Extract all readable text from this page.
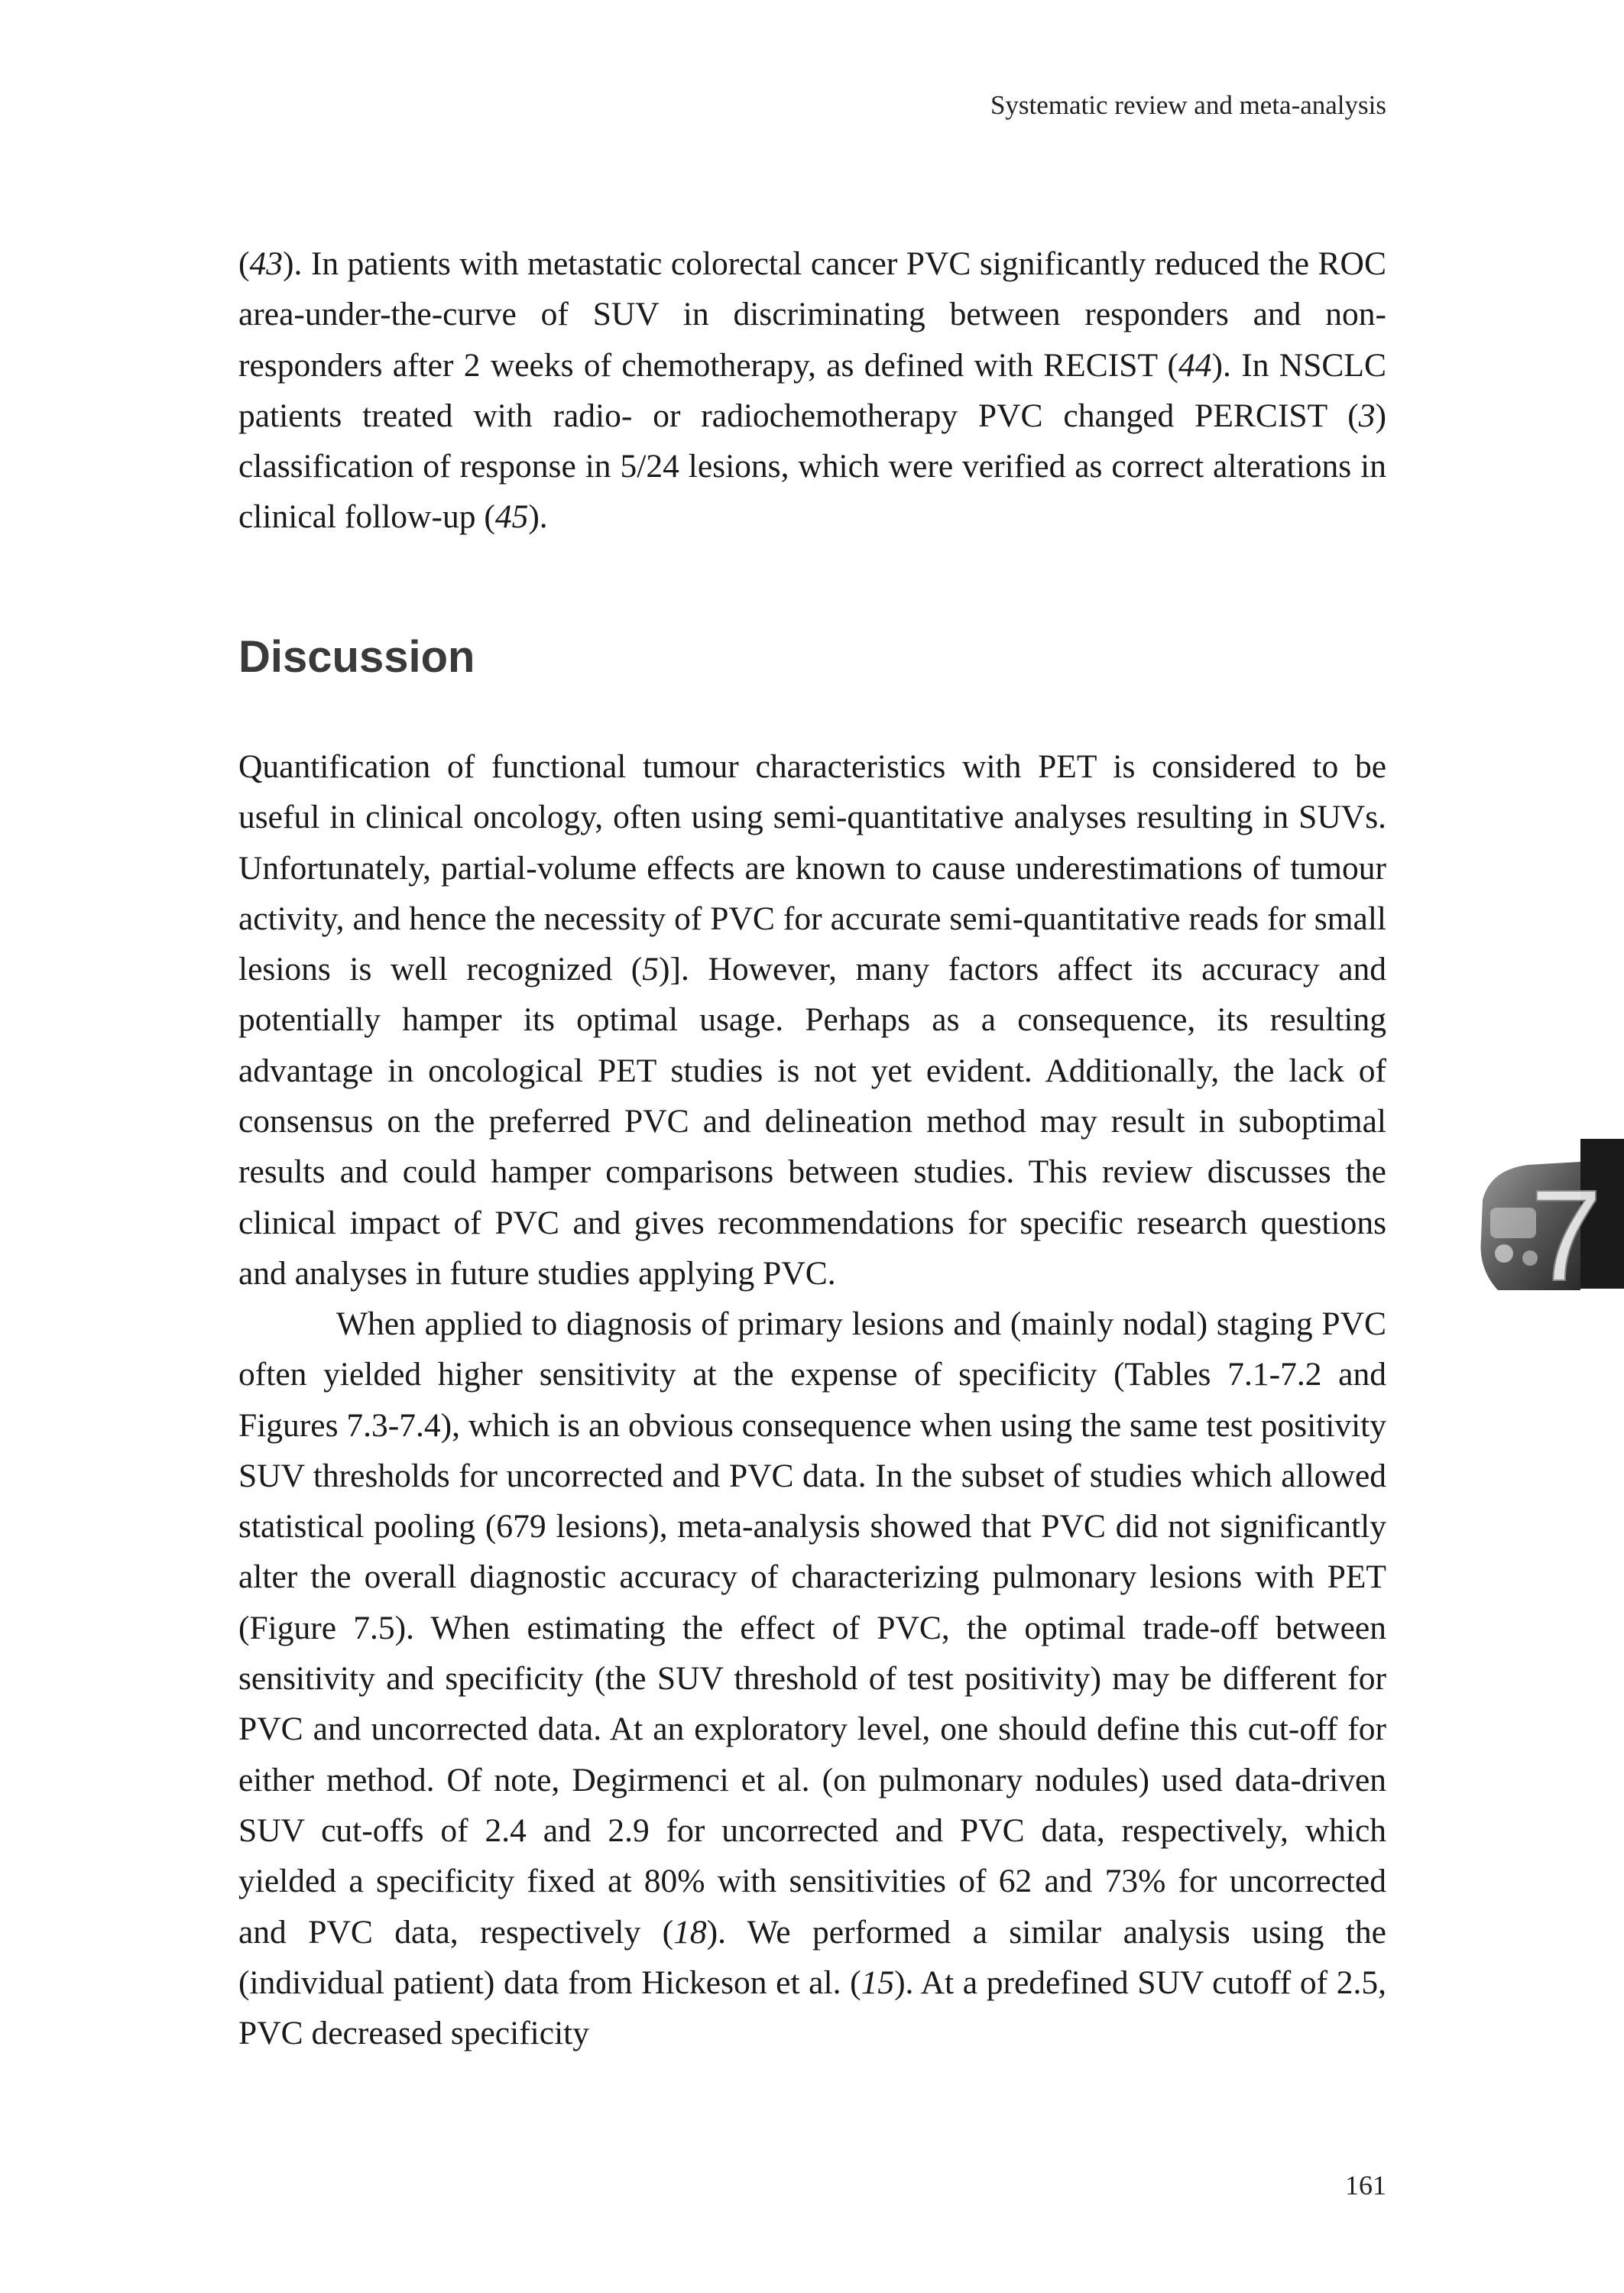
Systematic review and meta-analysis

(43). In patients with metastatic colorectal cancer PVC significantly reduced the ROC area-under-the-curve of SUV in discriminating between responders and non-responders after 2 weeks of chemotherapy, as defined with RECIST (44). In NSCLC patients treated with radio- or radiochemotherapy PVC changed PERCIST (3) classification of response in 5/24 lesions, which were verified as correct alterations in clinical follow-up (45).

Discussion

Quantification of functional tumour characteristics with PET is considered to be useful in clinical oncology, often using semi-quantitative analyses resulting in SUVs. Unfortunately, partial-volume effects are known to cause underestimations of tumour activity, and hence the necessity of PVC for accurate semi-quantitative reads for small lesions is well recognized (5)]. However, many factors affect its accuracy and potentially hamper its optimal usage. Perhaps as a consequence, its resulting advantage in oncological PET studies is not yet evident. Additionally, the lack of consensus on the preferred PVC and delineation method may result in suboptimal results and could hamper comparisons between studies. This review discusses the clinical impact of PVC and gives recommendations for specific research questions and analyses in future studies applying PVC.

When applied to diagnosis of primary lesions and (mainly nodal) staging PVC often yielded higher sensitivity at the expense of specificity (Tables 7.1-7.2 and Figures 7.3-7.4), which is an obvious consequence when using the same test positivity SUV thresholds for uncorrected and PVC data. In the subset of studies which allowed statistical pooling (679 lesions), meta-analysis showed that PVC did not significantly alter the overall diagnostic accuracy of characterizing pulmonary lesions with PET (Figure 7.5). When estimating the effect of PVC, the optimal trade-off between sensitivity and specificity (the SUV threshold of test positivity) may be different for PVC and uncorrected data. At an exploratory level, one should define this cut-off for either method. Of note, Degirmenci et al. (on pulmonary nodules) used data-driven SUV cut-offs of 2.4 and 2.9 for uncorrected and PVC data, respectively, which yielded a specificity fixed at 80% with sensitivities of 62 and 73% for uncorrected and PVC data, respectively (18). We performed a similar analysis using the (individual patient) data from Hickeson et al. (15). At a predefined SUV cutoff of 2.5, PVC decreased specificity

7
161
